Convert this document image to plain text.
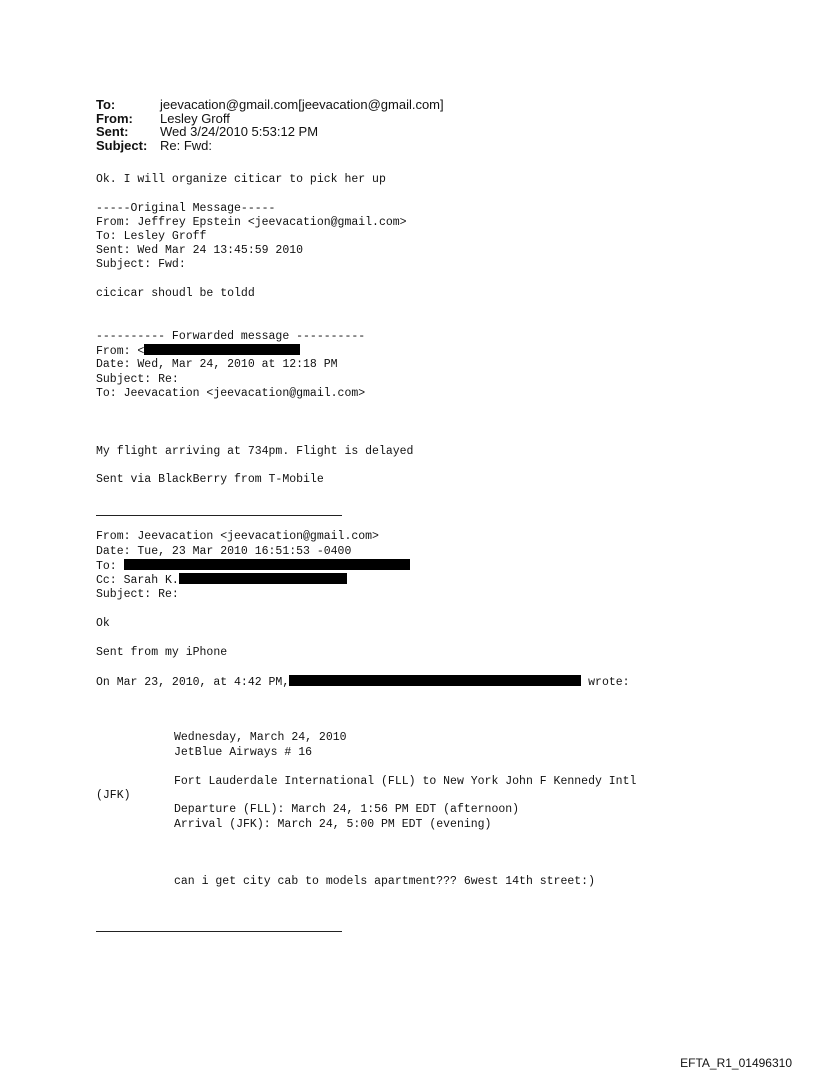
To:	jeevacation@gmail.com[jeevacation@gmail.com]
From:	Lesley Groff
Sent:	Wed 3/24/2010 5:53:12 PM
Subject: Re: Fwd:
Ok. I will organize citicar to pick her up
-----Original Message-----
From: Jeffrey Epstein <jeevacation@gmail.com>
To: Lesley Groff
Sent: Wed Mar 24 13:45:59 2010
Subject: Fwd:
cicicar shoudl be toldd
---------- Forwarded message ----------
From: <
Date: Wed, Mar 24, 2010 at 12:18 PM
Subject: Re:
To: Jeevacation <jeevacation@gmail.com>
My flight arriving at 734pm. Flight is delayed
Sent via BlackBerry from T-Mobile
From: Jeevacation <jeevacation@gmail.com>
Date: Tue, 23 Mar 2010 16:51:53 -0400
To:
Cc: Sarah K.
Subject: Re:
Ok
Sent from my iPhone
On Mar 23, 2010, at 4:42 PM,	wrote:
Wednesday, March 24, 2010
JetBlue Airways # 16
Fort Lauderdale International (FLL) to New York John F Kennedy Intl
(JFK)
Departure (FLL): March 24, 1:56 PM EDT (afternoon)
Arrival (JFK): March 24, 5:00 PM EDT (evening)
can i get city cab to models apartment??? 6west 14th street:)
EFTA_R1_01496310
